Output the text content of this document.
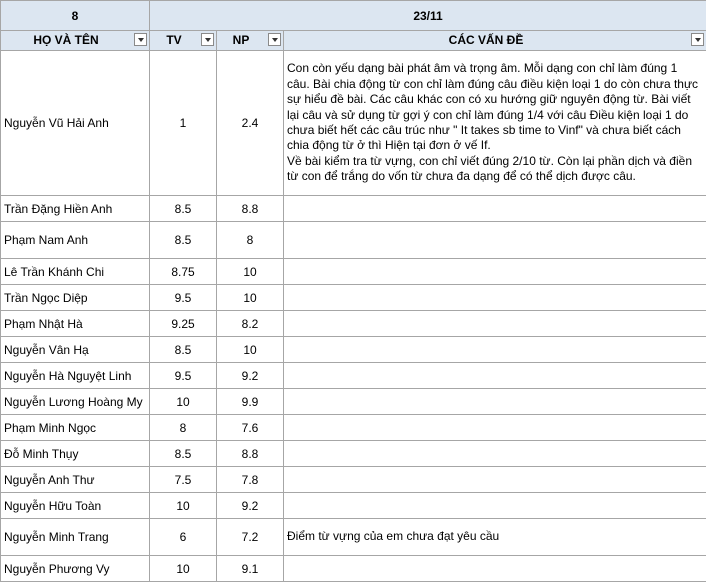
8	23/11		

HỌ VÀ TÊN	TV	NP	CÁC VẤN ĐỀ

Nguyễn Vũ Hải Anh	1	2.4	Con còn yếu dạng bài phát âm và trọng âm. Mỗi dạng con chỉ làm đúng 1 câu. Bài chia động từ con chỉ làm đúng câu điều kiện loại 1 do còn chưa thực sự hiểu đề bài. Các câu khác con có xu hướng giữ nguyên động từ. Bài viết lại câu và sử dụng từ gợi ý con chỉ làm đúng 1/4 với câu Điều kiện loại 1 do chưa biết hết các câu trúc như " It takes sb time to Vinf" và chưa biết cách chia động từ ở thì Hiện tại đơn ở vế If.
Về bài kiểm tra từ vựng, con chỉ viết đúng 2/10 từ. Còn lại phần dịch và điền từ con để trắng do vốn từ chưa đa dạng để có thể dịch được câu.
Trần Đặng Hiền Anh	8.5	8.8	
Phạm Nam Anh	8.5	8	
Lê Trần Khánh Chi	8.75	10	
Trần Ngọc Diệp	9.5	10	
Phạm Nhật Hà	9.25	8.2	
Nguyễn Vân Hạ	8.5	10	
Nguyễn Hà Nguyệt Linh	9.5	9.2	
Nguyễn Lương Hoàng My	10	9.9	
Phạm Minh Ngọc	8	7.6	
Đỗ Minh Thụy	8.5	8.8	
Nguyễn Anh Thư	7.5	7.8	
Nguyễn Hữu Toàn	10	9.2	
Nguyễn Minh Trang	6	7.2	Điểm từ vựng của em chưa đạt yêu cầu
Nguyễn Phương Vy	10	9.1	
